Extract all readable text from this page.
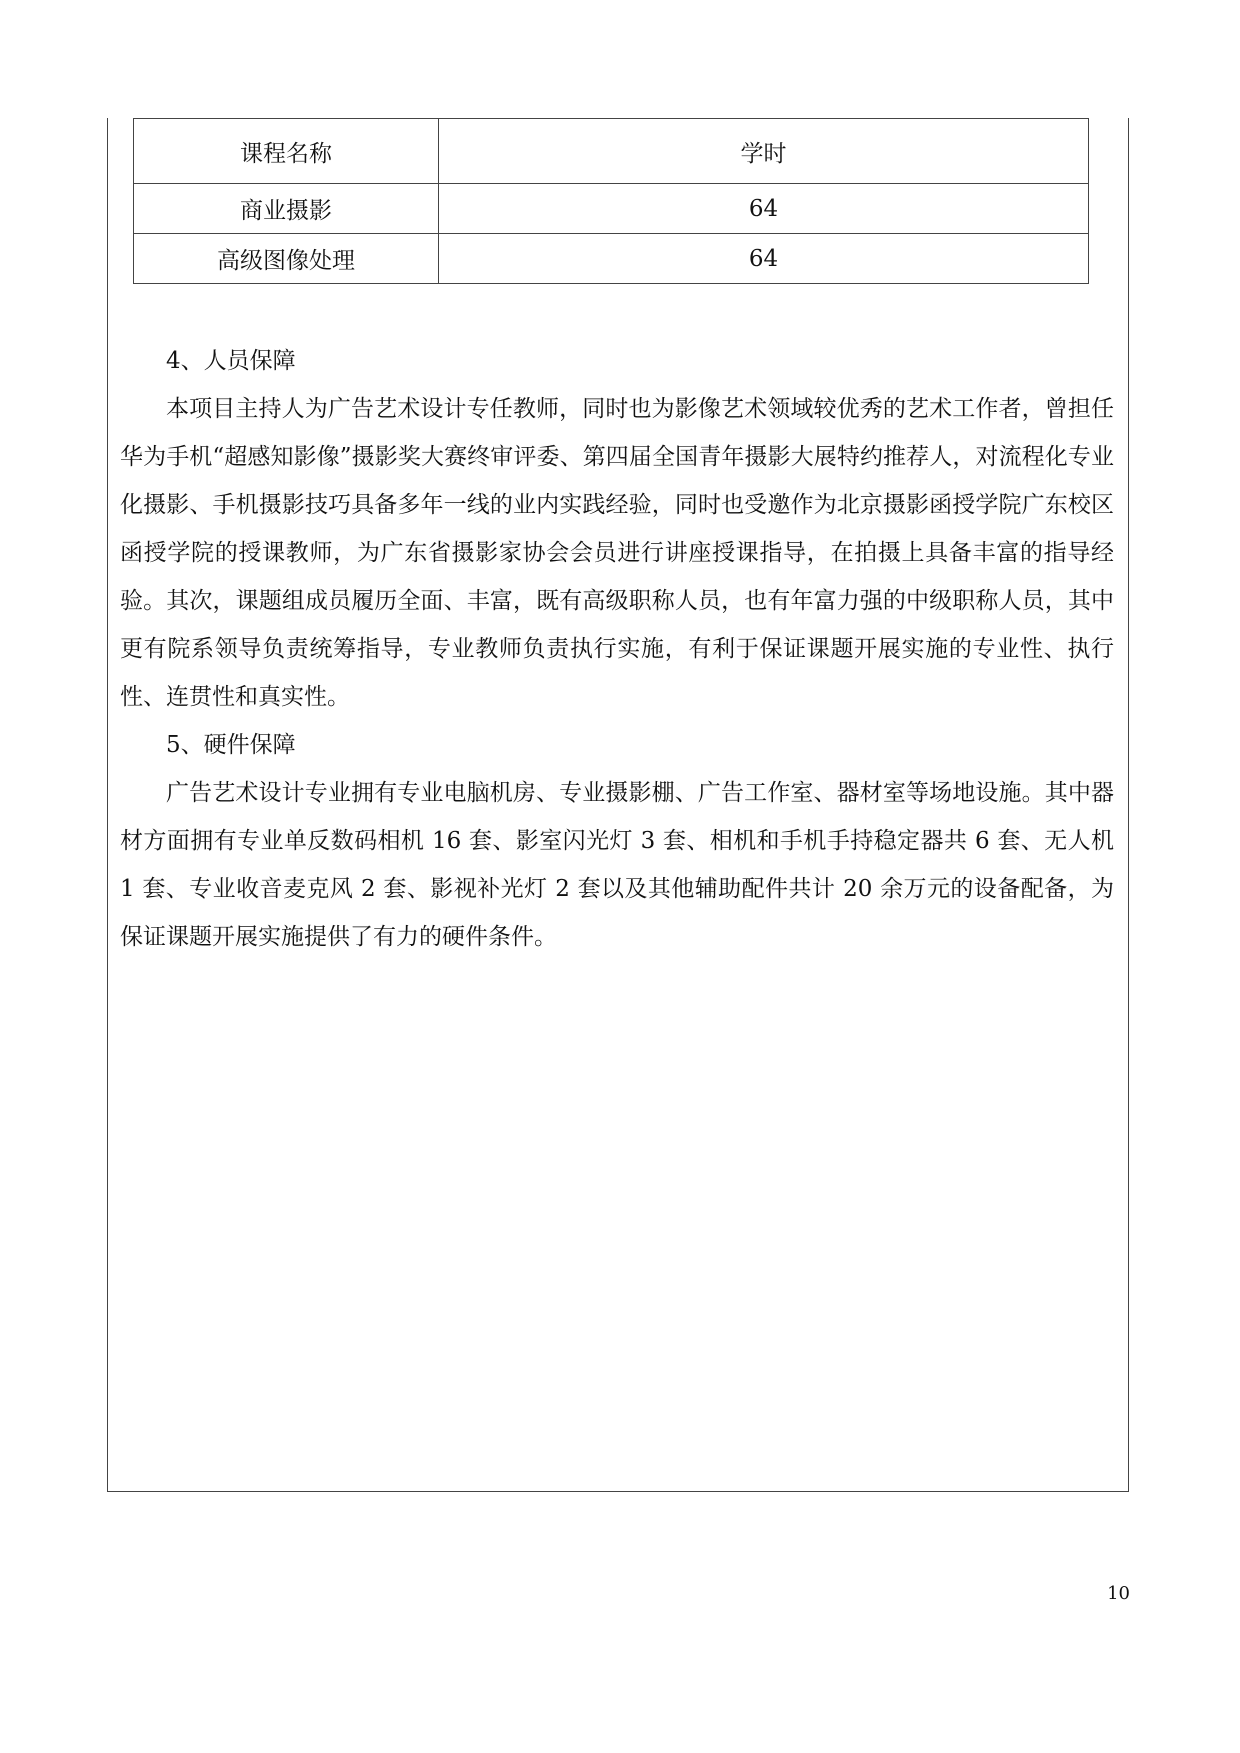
课程名称	学时
商业摄影	64
高级图像处理	64
4、人员保障

本项目主持人为广告艺术设计专任教师，同时也为影像艺术领域较优秀的艺术工作者，曾担任华为手机“超感知影像”摄影奖大赛终审评委、第四届全国青年摄影大展特约推荐人，对流程化专业化摄影、手机摄影技巧具备多年一线的业内实践经验，同时也受邀作为北京摄影函授学院广东校区函授学院的授课教师，为广东省摄影家协会会员进行讲座授课指导，在拍摄上具备丰富的指导经验。其次，课题组成员履历全面、丰富，既有高级职称人员，也有年富力强的中级职称人员，其中更有院系领导负责统筹指导，专业教师负责执行实施，有利于保证课题开展实施的专业性、执行性、连贯性和真实性。

5、硬件保障

广告艺术设计专业拥有专业电脑机房、专业摄影棚、广告工作室、器材室等场地设施。其中器材方面拥有专业单反数码相机 16 套、影室闪光灯 3 套、相机和手机手持稳定器共 6 套、无人机 1 套、专业收音麦克风 2 套、影视补光灯 2 套以及其他辅助配件共计 20 余万元的设备配备，为保证课题开展实施提供了有力的硬件条件。

10
